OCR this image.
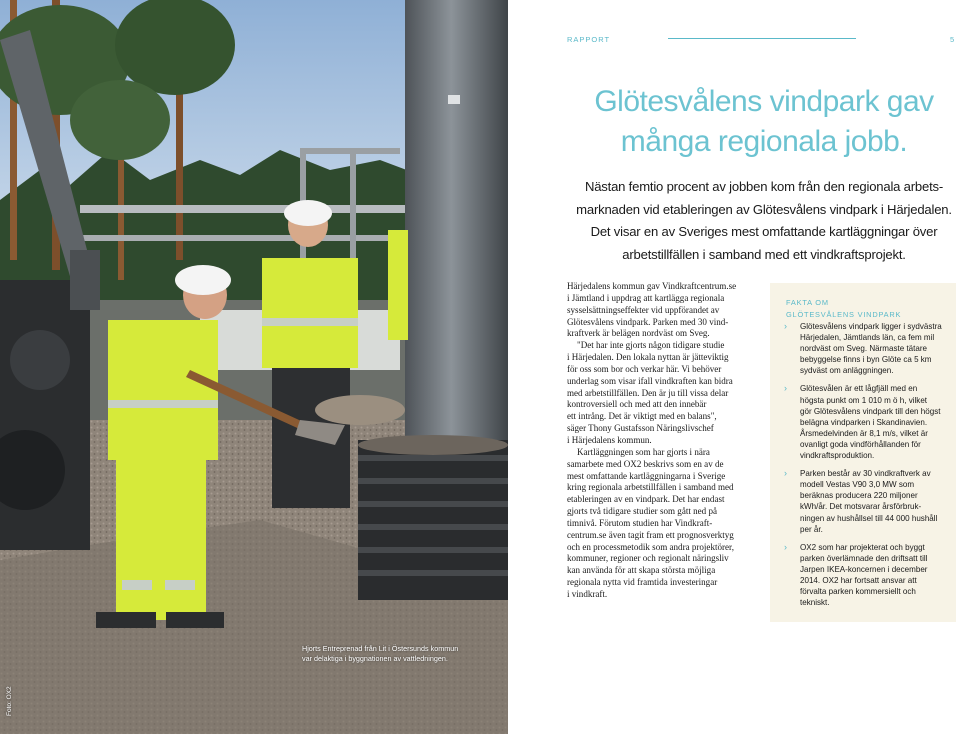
Hjorts Entreprenad från Lit i Östersunds kommun
var delaktiga i byggnationen av vattledningen.
Foto: OX2
RAPPORT	5
Glötesvålens vindpark gav
många regionala jobb.
Nästan femtio procent av jobben kom från den regionala arbets-
marknaden vid etableringen av Glötesvålens vindpark i Härjedalen.
Det visar en av Sveriges mest omfattande kartläggningar över
arbetstillfällen i samband med ett vindkraftsprojekt.
Härjedalens kommun gav Vindkraftcentrum.se
i Jämtland i uppdrag att kartlägga regionala
sysselsättningseffekter vid uppförandet av
Glötesvålens vindpark. Parken med 30 vind-
kraftverk är belägen nordväst om Sveg.
"Det har inte gjorts någon tidigare studie
i Härjedalen. Den lokala nyttan är jätteviktig
för oss som bor och verkar här. Vi behöver
underlag som visar ifall vindkraften kan bidra
med arbetstillfällen. Den är ju till vissa delar
kontroversiell och med att den innebär
ett intrång. Det är viktigt med en balans",
säger Thony Gustafsson Näringslivschef
i Härjedalens kommun.
Kartläggningen som har gjorts i nära
samarbete med OX2 beskrivs som en av de
mest omfattande kartläggningarna i Sverige
kring regionala arbetstillfällen i samband med
etableringen av en vindpark. Det har endast
gjorts två tidigare studier som gått ned på
timnivå. Förutom studien har Vindkraft-
centrum.se även tagit fram ett prognosverktyg
och en processmetodik som andra projektörer,
kommuner, regioner och regionalt näringsliv
kan använda för att skapa största möjliga
regionala nytta vid framtida investeringar
i vindkraft.
FAKTA OM
GLÖTESVÅLENS VINDPARK
› Glötesvålens vindpark ligger i sydvästra
Härjedalen, Jämtlands län, ca fem mil
nordväst om Sveg. Närmaste tätare
bebyggelse finns i byn Glöte ca 5 km
sydväst om anläggningen.
› Glötesvålen är ett lågfjäll med en
högsta punkt om 1 010 m ö h, vilket
gör Glötesvålens vindpark till den högst
belägna vindparken i Skandinavien.
Årsmedelvinden är 8,1 m/s, vilket är
ovanligt goda vindförhållanden för
vindkraftsproduktion.
› Parken består av 30 vindkraftverk av
modell Vestas V90 3,0 MW som
beräknas producera 220 miljoner
kWh/år. Det motsvarar årsförbruk-
ningen av hushållsel till 44 000 hushåll
per år.
› OX2 som har projekterat och byggt
parken överlämnade den driftsatt till
Jarpen IKEA-koncernen i december
2014. OX2 har fortsatt ansvar att
förvalta parken kommersiellt och
tekniskt.
